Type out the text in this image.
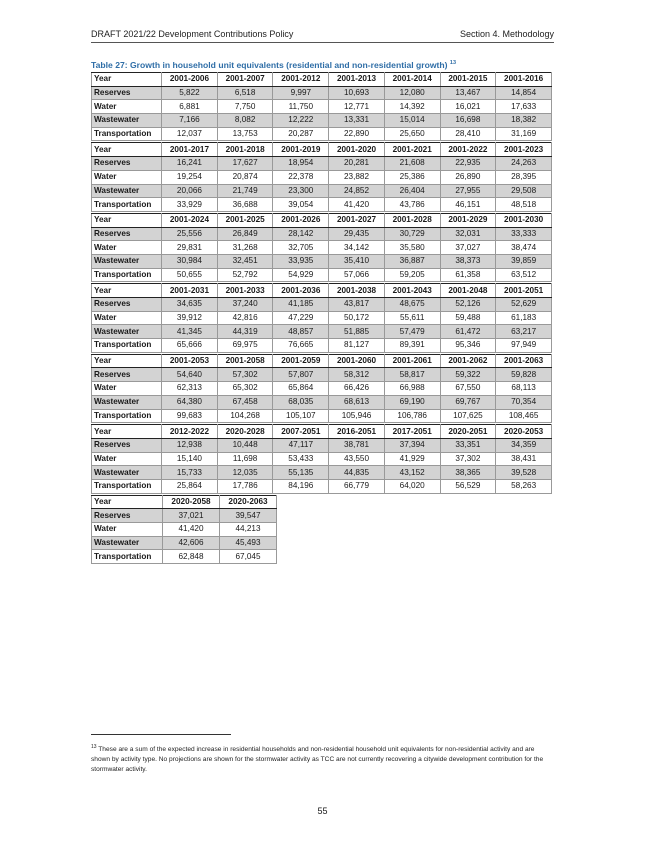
DRAFT 2021/22 Development Contributions Policy	Section 4. Methodology
Table 27: Growth in household unit equivalents (residential and non-residential growth) $^{13}$
Year	2001-2006	2001-2007	2001-2012	2001-2013	2001-2014	2001-2015	2001-2016
Reserves	5,822	6,518	9,997	10,693	12,080	13,467	14,854
Water	6,881	7,750	11,750	12,771	14,392	16,021	17,633
Wastewater	7,166	8,082	12,222	13,331	15,014	16,698	18,382
Transportation	12,037	13,753	20,287	22,890	25,650	28,410	31,169
Year	2001-2017	2001-2018	2001-2019	2001-2020	2001-2021	2001-2022	2001-2023
Reserves	16,241	17,627	18,954	20,281	21,608	22,935	24,263
Water	19,254	20,874	22,378	23,882	25,386	26,890	28,395
Wastewater	20,066	21,749	23,300	24,852	26,404	27,955	29,508
Transportation	33,929	36,688	39,054	41,420	43,786	46,151	48,518
Year	2001-2024	2001-2025	2001-2026	2001-2027	2001-2028	2001-2029	2001-2030
Reserves	25,556	26,849	28,142	29,435	30,729	32,031	33,333
Water	29,831	31,268	32,705	34,142	35,580	37,027	38,474
Wastewater	30,984	32,451	33,935	35,410	36,887	38,373	39,859
Transportation	50,655	52,792	54,929	57,066	59,205	61,358	63,512
Year	2001-2031	2001-2033	2001-2036	2001-2038	2001-2043	2001-2048	2001-2051
Reserves	34,635	37,240	41,185	43,817	48,675	52,126	52,629
Water	39,912	42,816	47,229	50,172	55,611	59,488	61,183
Wastewater	41,345	44,319	48,857	51,885	57,479	61,472	63,217
Transportation	65,666	69,975	76,665	81,127	89,391	95,346	97,949
Year	2001-2053	2001-2058	2001-2059	2001-2060	2001-2061	2001-2062	2001-2063
Reserves	54,640	57,302	57,807	58,312	58,817	59,322	59,828
Water	62,313	65,302	65,864	66,426	66,988	67,550	68,113
Wastewater	64,380	67,458	68,035	68,613	69,190	69,767	70,354
Transportation	99,683	104,268	105,107	105,946	106,786	107,625	108,465
Year	2012-2022	2020-2028	2007-2051	2016-2051	2017-2051	2020-2051	2020-2053
Reserves	12,938	10,448	47,117	38,781	37,394	33,351	34,359
Water	15,140	11,698	53,433	43,550	41,929	37,302	38,431
Wastewater	15,733	12,035	55,135	44,835	43,152	38,365	39,528
Transportation	25,864	17,786	84,196	66,779	64,020	56,529	58,263
Year	2020-2058	2020-2063
Reserves	37,021	39,547
Water	41,420	44,213
Wastewater	42,606	45,493
Transportation	62,848	67,045
$^{13}$ These are a sum of the expected increase in residential households and non-residential household unit equivalents for non-residential activity and are shown by activity type. No projections are shown for the stormwater activity as TCC are not currently recovering a citywide development contribution for the stormwater activity.
55
